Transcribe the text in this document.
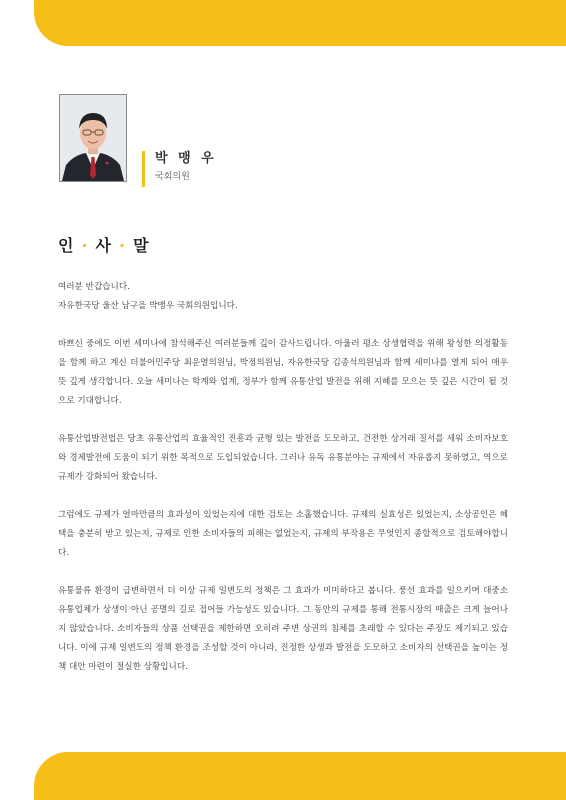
박 맹 우
국회의원
인 · 사 · 말

여러분 반갑습니다.
자유한국당 울산 남구을 박맹우 국회의원입니다.

바쁘신 중에도 이번 세미나에 참석해주신 여러분들께 깊이 감사드립니다. 아울러 평소 상생협력을 위해 왕성한 의정활동을 함께 하고 계신 더불어민주당 최운열의원님, 박정의원님, 자유한국당 김종석의원님과 함께 세미나를 열게 되어 매우 뜻 깊게 생각합니다. 오늘 세미나는 학계와 업계, 정부가 함께 유통산업 발전을 위해 지혜를 모으는 뜻 깊은 시간이 될 것으로 기대합니다.

유통산업발전법은 당초 유통산업의 효율적인 진흥과 균형 있는 발전을 도모하고, 건전한 상거래 질서를 세워 소비자보호와 경제발전에 도움이 되기 위한 목적으로 도입되었습니다. 그러나 유독 유통분야는 규제에서 자유롭지 못하였고, 역으로 규제가 강화되어 왔습니다.

그럼에도 규제가 얼마만큼의 효과성이 있었는지에 대한 검토는 소홀했습니다. 규제의 실효성은 있었는지, 소상공인은 혜택을 충분히 받고 있는지, 규제로 인한 소비자들의 피해는 없었는지, 규제의 부작용은 무엇인지 종합적으로 검토해야합니다.

유통물류 환경이 급변하면서 더 이상 규제 일변도의 정책은 그 효과가 미미하다고 봅니다. 풍선 효과를 일으키며 대중소 유통업체가 상생이 아닌 공멸의 길로 접어들 가능성도 있습니다. 그 동안의 규제를 통해 전통시장의 매출은 크게 늘어나지 않았습니다. 소비자들의 상품 선택권을 제한하면 오히려 주변 상권의 침체를 초래할 수 있다는 주장도 제기되고 있습니다. 이에 규제 일변도의 정책 환경을 조성할 것이 아니라, 진정한 상생과 발전을 도모하고 소비자의 선택권을 높이는 정책 대안 마련이 절실한 상황입니다.
